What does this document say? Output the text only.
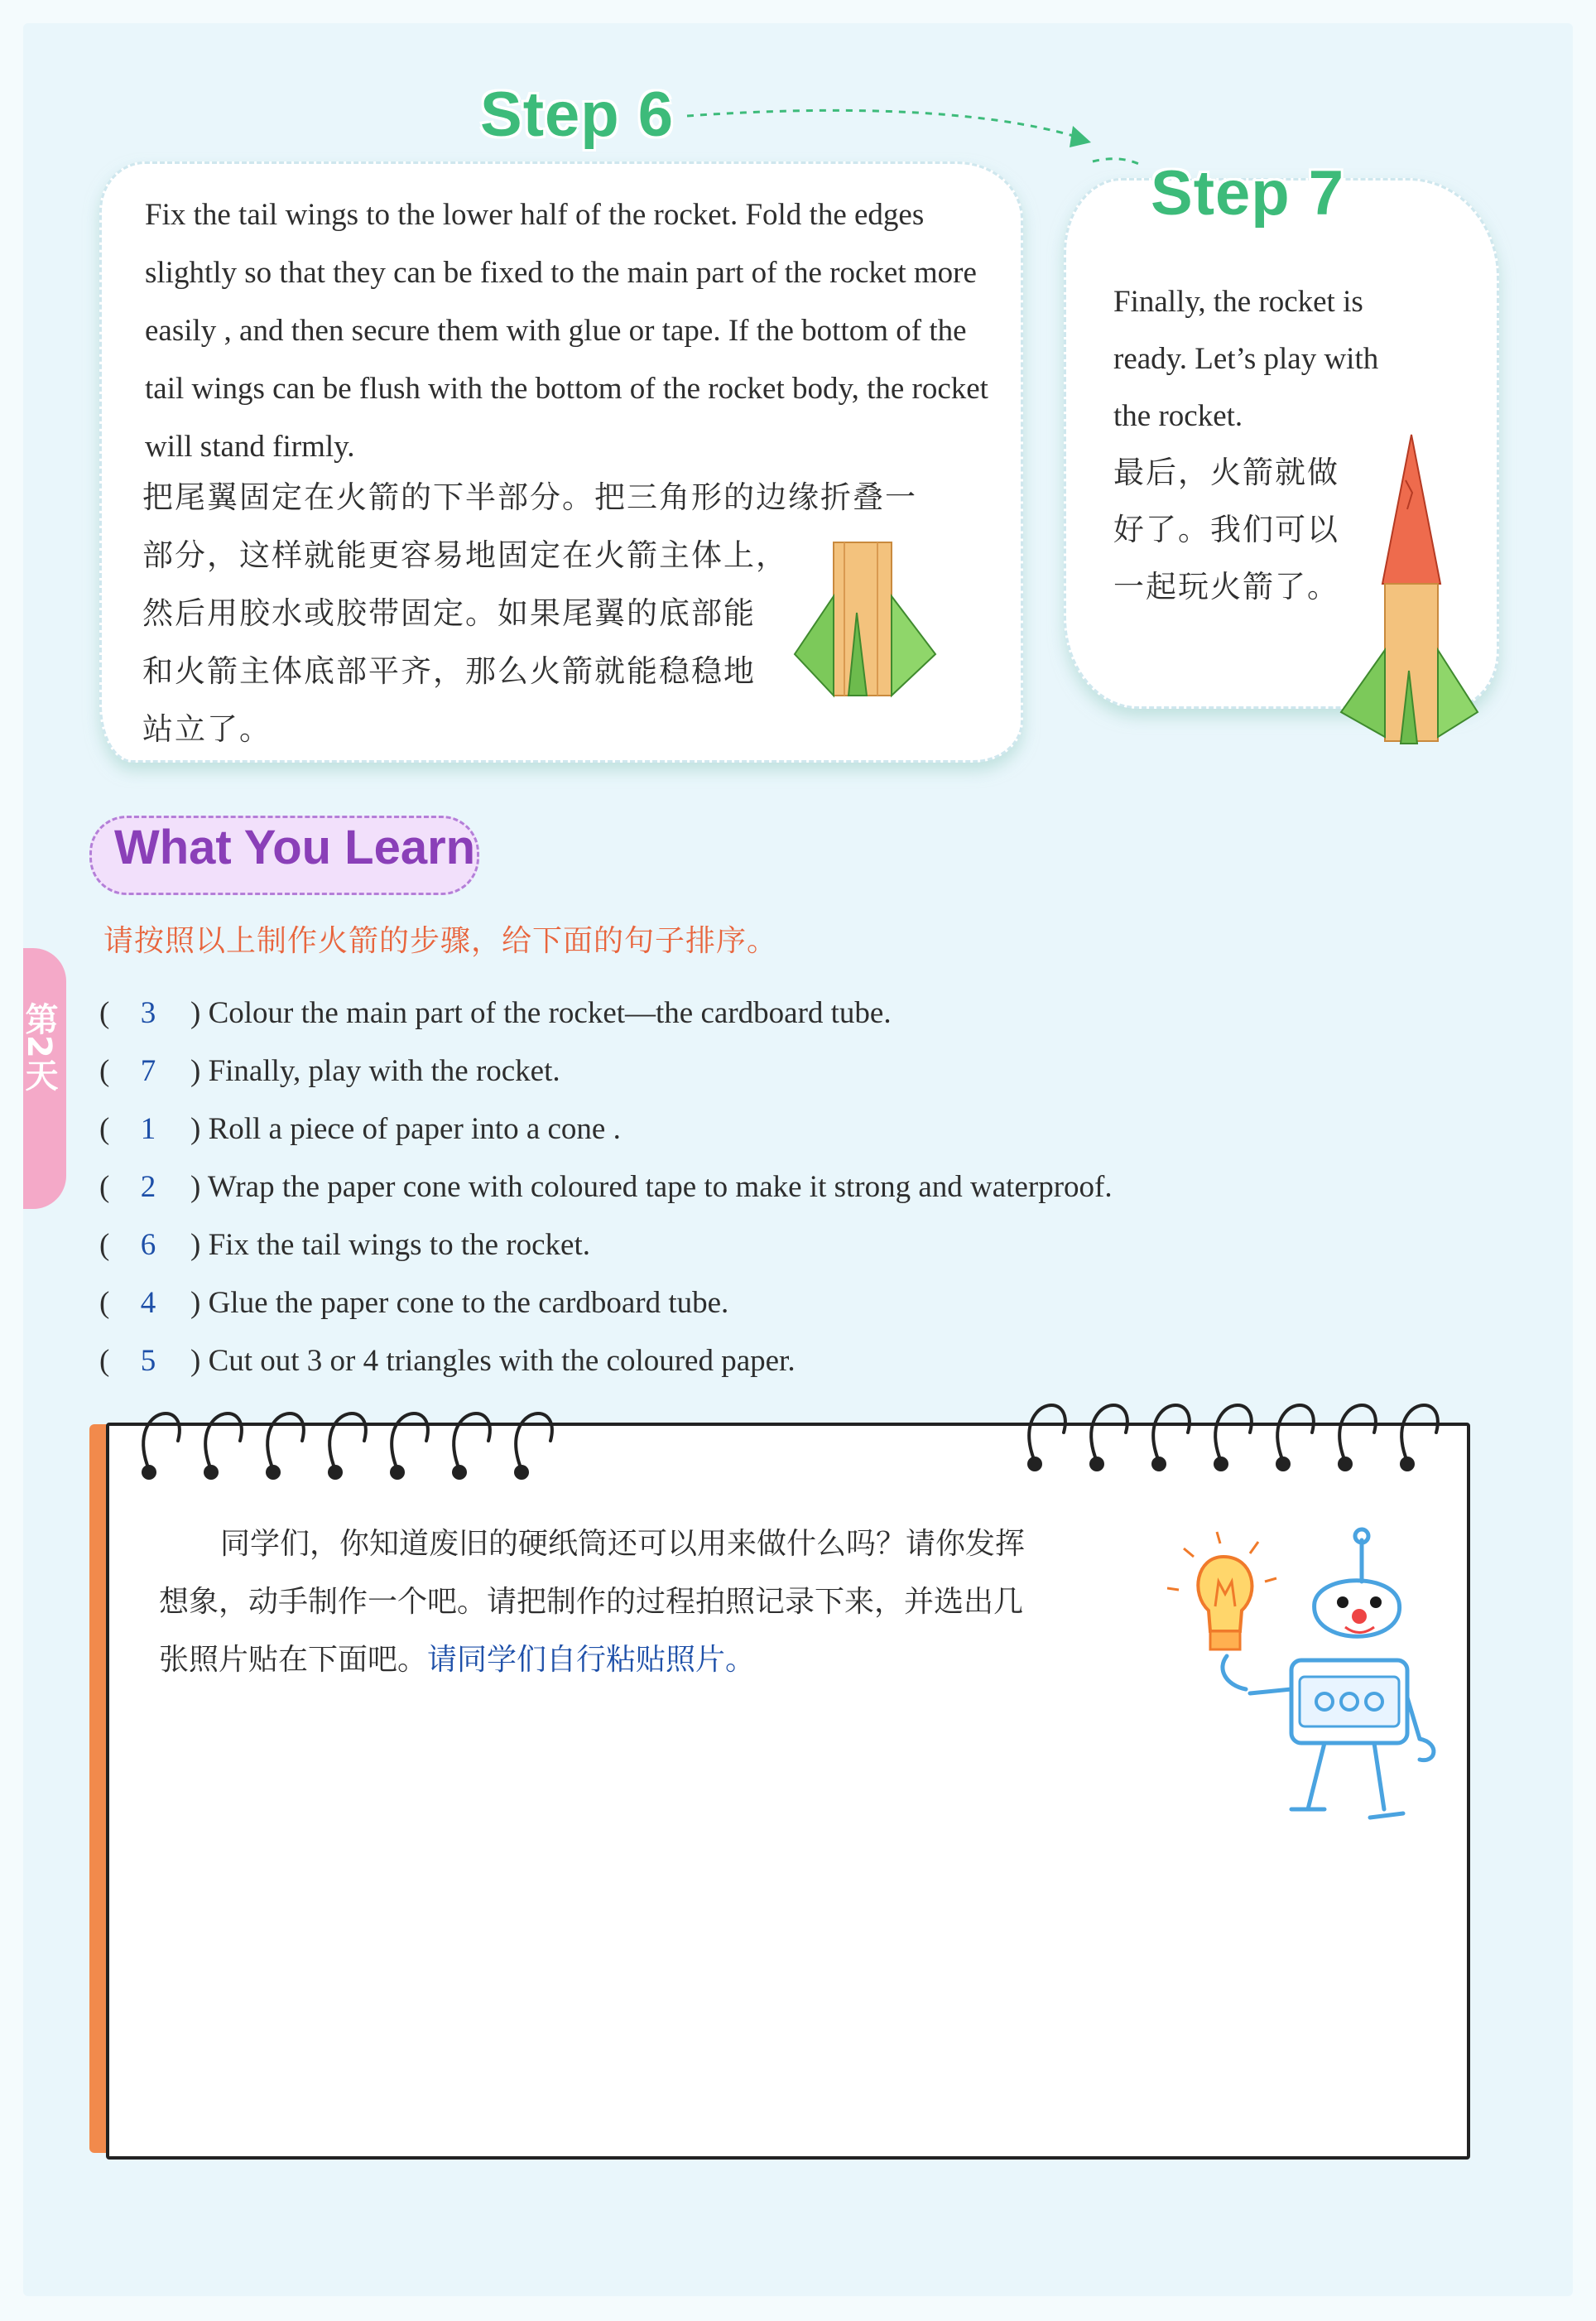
Step 6
Step 7
Fix the tail wings to the lower half of the rocket. Fold the edges slightly so that they can be fixed to the main part of the rocket more easily , and then secure them with glue or tape. If the bottom of the tail wings can be flush with the bottom of the rocket body, the rocket will stand firmly.
把尾翼固定在火箭的下半部分。把三角形的边缘折叠一
部分，这样就能更容易地固定在火箭主体上，
然后用胶水或胶带固定。如果尾翼的底部能
和火箭主体底部平齐，那么火箭就能稳稳地
站立了。
Finally, the rocket is ready. Let’s play with the rocket.
最后，火箭就做
好了。我们可以
一起玩火箭了。
What You Learn
请按照以上制作火箭的步骤，给下面的句子排序。
第2天 (	3	) Colour the main part of the rocket—the cardboard tube.
(	7	) Finally, play with the rocket.
(	1	) Roll a piece of paper into a cone .
(	2	) Wrap the paper cone with coloured tape to make it strong and waterproof.
(	6	) Fix the tail wings to the rocket.
(	4	) Glue the paper cone to the cardboard tube.
(	5	) Cut out 3 or 4 triangles with the coloured paper.
同学们，你知道废旧的硬纸筒还可以用来做什么吗？请你发挥
想象，动手制作一个吧。请把制作的过程拍照记录下来，并选出几
张照片贴在下面吧。请同学们自行粘贴照片。
